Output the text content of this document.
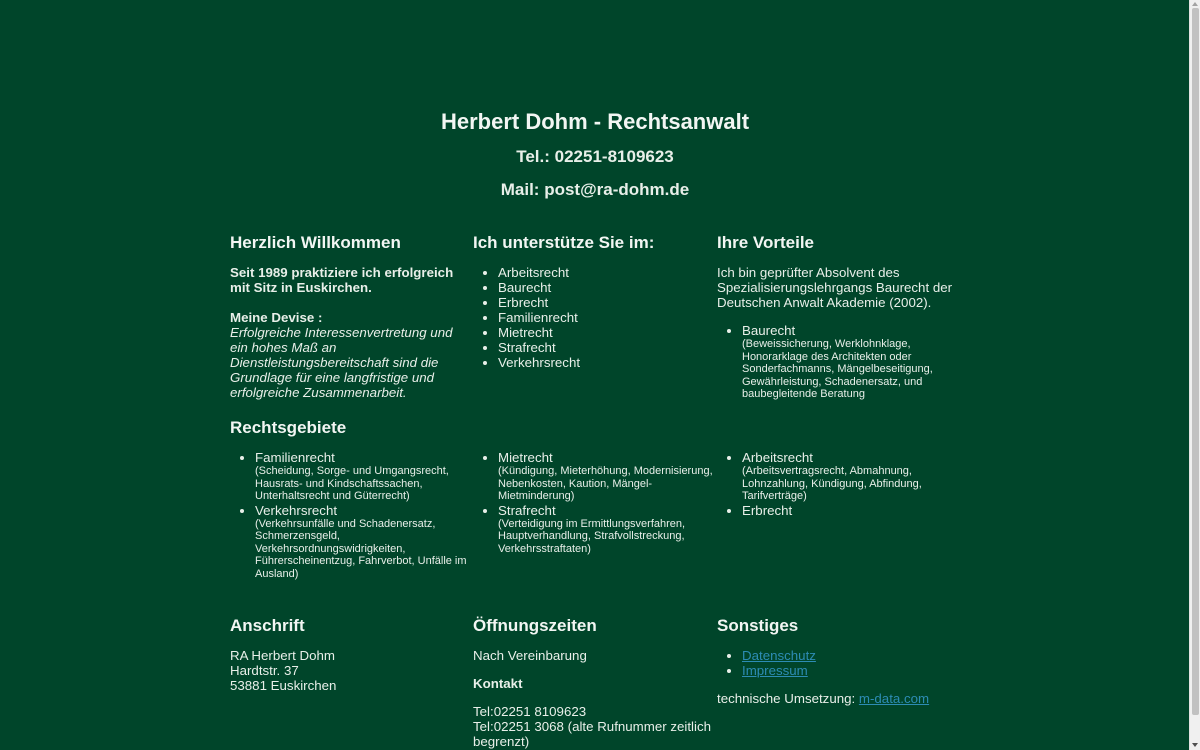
Herbert Dohm - Rechtsanwalt
Tel.: 02251-8109623
Mail: post@ra-dohm.de
Herzlich Willkommen

Seit 1989 praktiziere ich erfolgreich mit Sitz in Euskirchen.

Meine Devise :

Erfolgreiche Interessenvertretung und ein hohes Maß an Dienstleistungsbereitschaft sind die Grundlage für eine langfristige und erfolgreiche Zusammenarbeit.

Ich unterstütze Sie im:
• Arbeitsrecht
• Baurecht
• Erbrecht
• Familienrecht
• Mietrecht
• Strafrecht
• Verkehrsrecht
Ihre Vorteile

Ich bin geprüfter Absolvent des Spezialisierungslehrgangs Baurecht der Deutschen Anwalt Akademie (2002).

• Baurecht
(Beweissicherung, Werklohnklage, Honorarklage des Architekten oder Sonderfachmanns, Mängelbeseitigung, Gewährleistung, Schadenersatz, und baubegleitende Beratung
Rechtsgebiete
• Familienrecht
(Scheidung, Sorge- und Umgangsrecht, Hausrats- und Kindschaftssachen, Unterhaltsrecht und Güterrecht)
• Verkehrsrecht
(Verkehrsunfälle und Schadenersatz, Schmerzensgeld, Verkehrsordnungswidrigkeiten, Führerscheinentzug, Fahrverbot, Unfälle im Ausland)
• Mietrecht
(Kündigung, Mieterhöhung, Modernisierung, Nebenkosten, Kaution, Mängel-Mietminderung)
• Strafrecht
(Verteidigung im Ermittlungsverfahren, Hauptverhandlung, Strafvollstreckung, Verkehrsstraftaten)
• Arbeitsrecht
(Arbeitsvertragsrecht, Abmahnung, Lohnzahlung, Kündigung, Abfindung, Tarifverträge)
• Erbrecht
Anschrift

RA Herbert Dohm

Hardtstr. 37

53881 Euskirchen

Öffnungszeiten

Nach Vereinbarung

Kontakt

Tel:02251 8109623

Tel:02251 3068 (alte Rufnummer zeitlich begrenzt)

Sonstiges
• Datenschutz
• Impressum

technische Umsetzung: m-data.com
